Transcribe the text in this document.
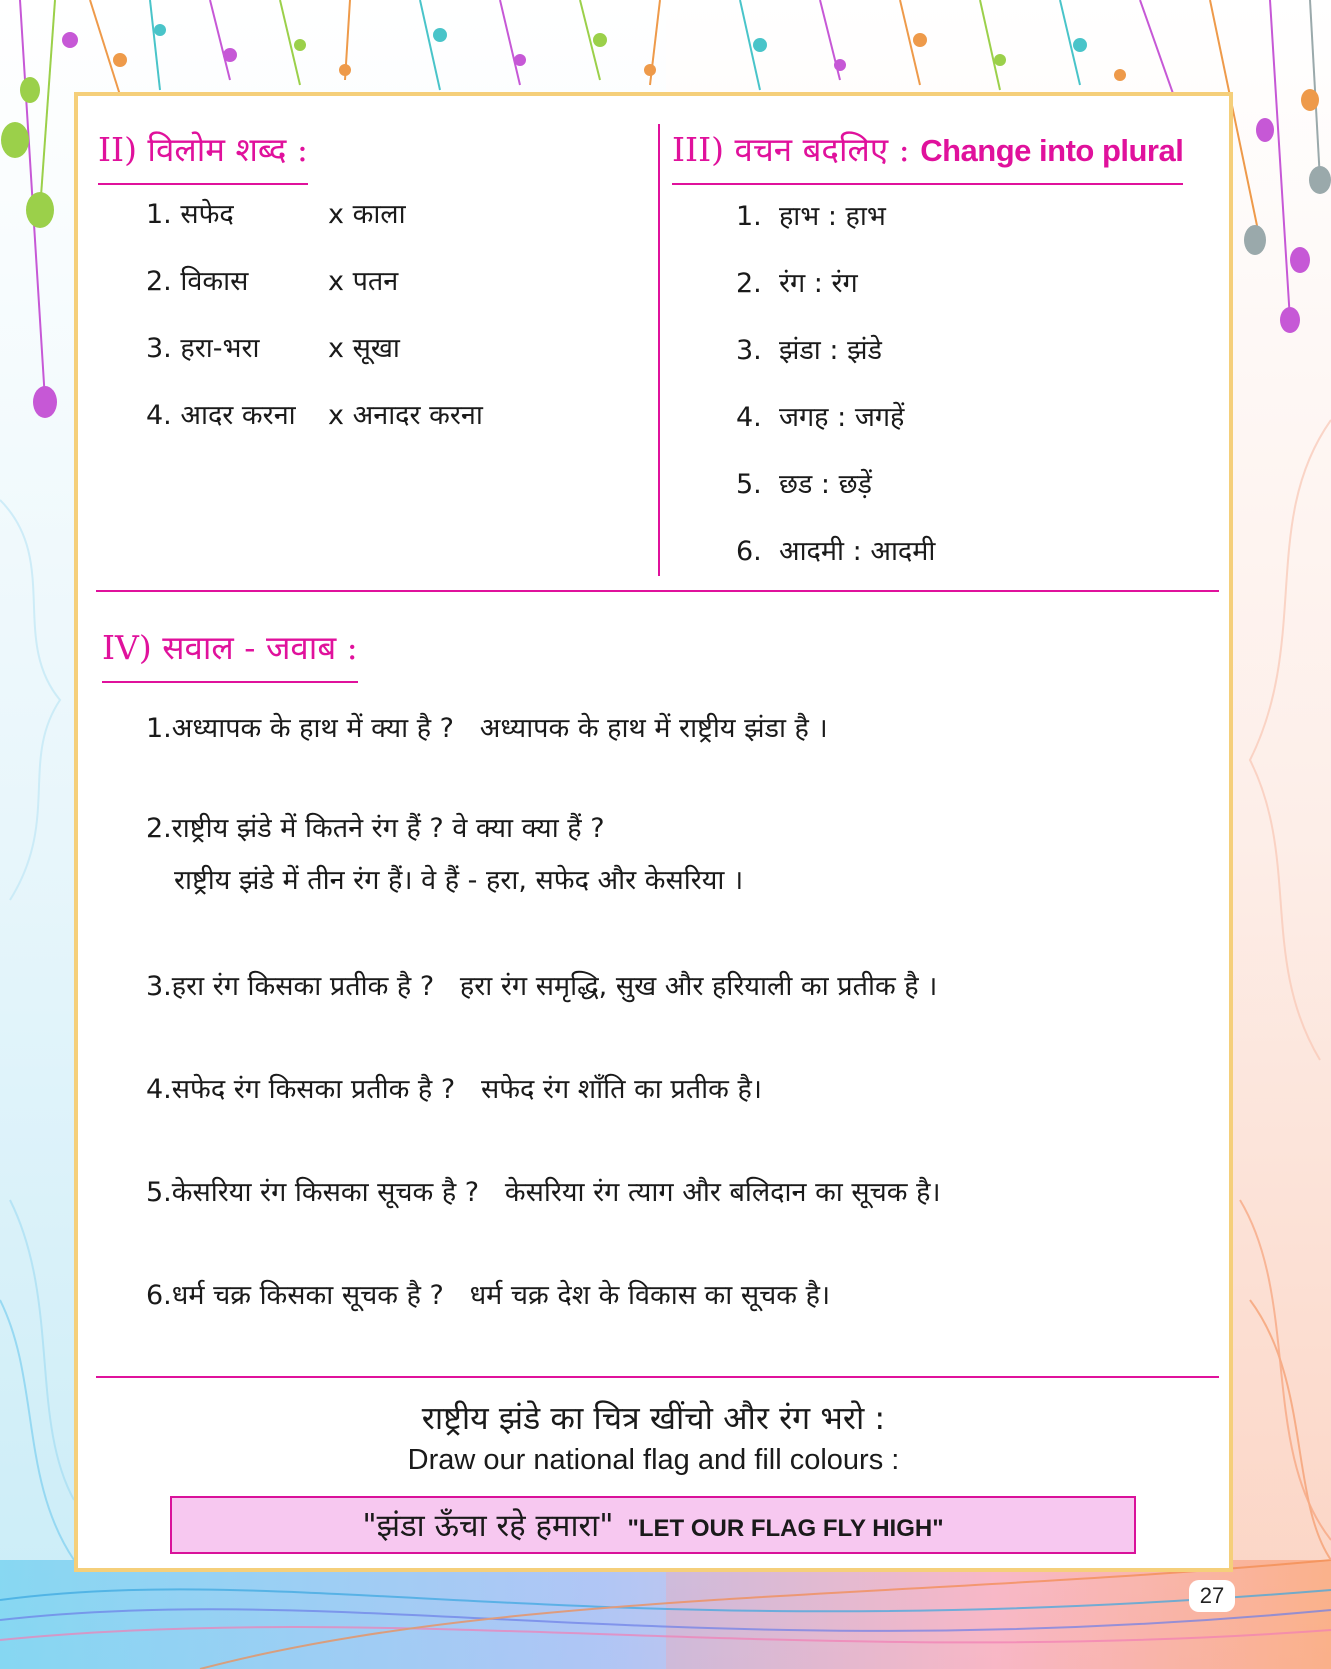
II) विलोम शब्द :
1. सफेद	x काला
2. विकास	x पतन
3. हरा-भरा	x सूखा
4. आदर करना x अनादर करना
III) वचन बदलिए : Change into plural
1. हाभ : हाभ
2. रंग : रंग
3. झंडा : झंडे
4. जगह : जगहें
5. छड : छड़ें
6. आदमी : आदमी
IV) सवाल - जवाब :
1.अध्यापक के हाथ में क्या है ? अध्यापक के हाथ में राष्ट्रीय झंडा है ।
2.राष्ट्रीय झंडे में कितने रंग हैं ? वे क्या क्या हैं ?
राष्ट्रीय झंडे में तीन रंग हैं। वे हैं - हरा, सफेद और केसरिया ।
3.हरा रंग किसका प्रतीक है ? हरा रंग समृद्धि, सुख और हरियाली का प्रतीक है ।
4.सफेद रंग किसका प्रतीक है ? सफेद रंग शाँति का प्रतीक है।
5.केसरिया रंग किसका सूचक है ? केसरिया रंग त्याग और बलिदान का सूचक है।
6.धर्म चक्र किसका सूचक है ? धर्म चक्र देश के विकास का सूचक है।
राष्ट्रीय झंडे का चित्र खींचो और रंग भरो :
Draw our national flag and fill colours :
"झंडा ऊँचा रहे हमारा" "LET OUR FLAG FLY HIGH"
27
